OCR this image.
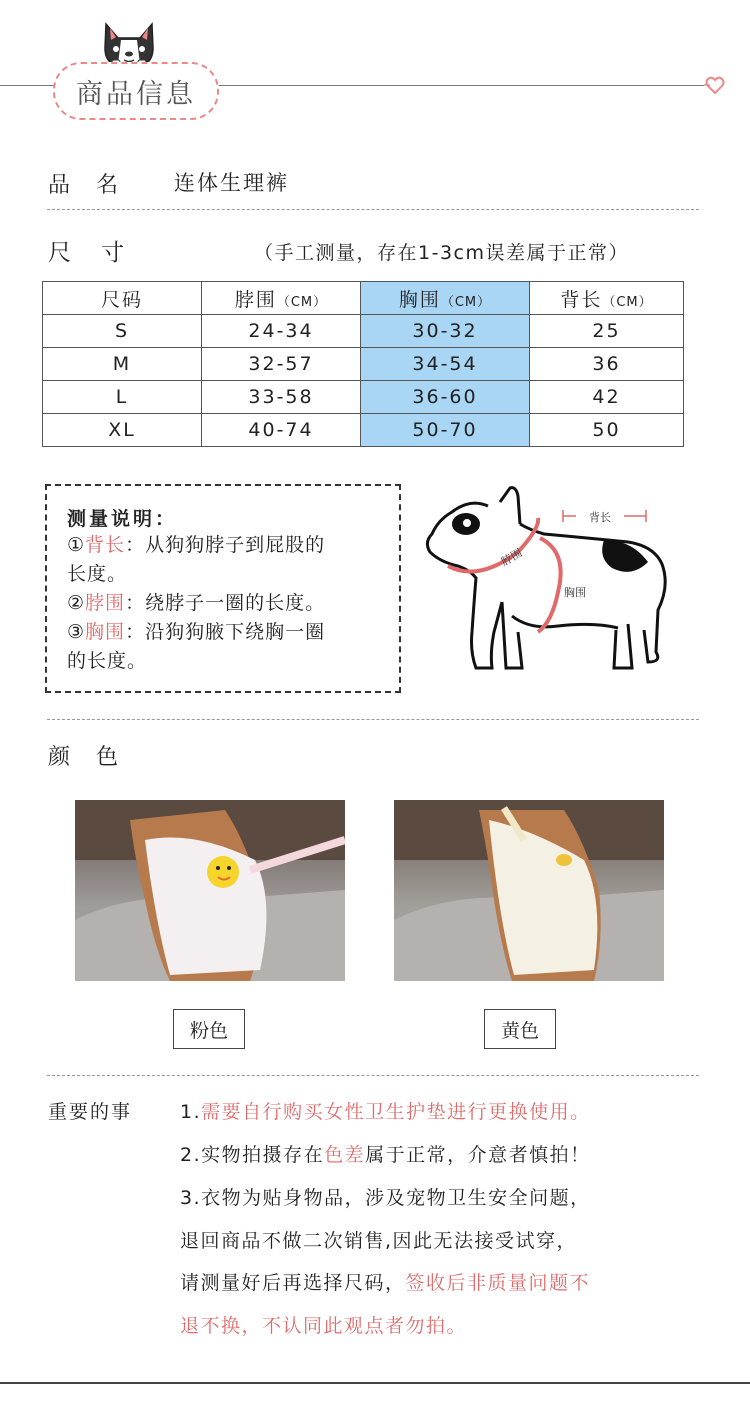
商品信息
品名 连体生理裤
尺寸	（手工测量，存在1-3cm误差属于正常）
尺码	脖围（CM）	胸围（CM）	背长（CM）
S	24-34	30-32	25
M	32-57	34-54	36
L	33-58	36-60	42
XL	40-74	50-70	50
测量说明：
①背长：从狗狗脖子到屁股的
长度。
②脖围：绕脖子一圈的长度。
③胸围：沿狗狗腋下绕胸一圈
的长度。
背长
脖围
胸围
颜色
粉色	黄色
重要的事	1.需要自行购买女性卫生护垫进行更换使用。
2.实物拍摄存在色差属于正常，介意者慎拍！
3.衣物为贴身物品，涉及宠物卫生安全问题，
退回商品不做二次销售,因此无法接受试穿，
请测量好后再选择尺码，签收后非质量问题不
退不换，不认同此观点者勿拍。
